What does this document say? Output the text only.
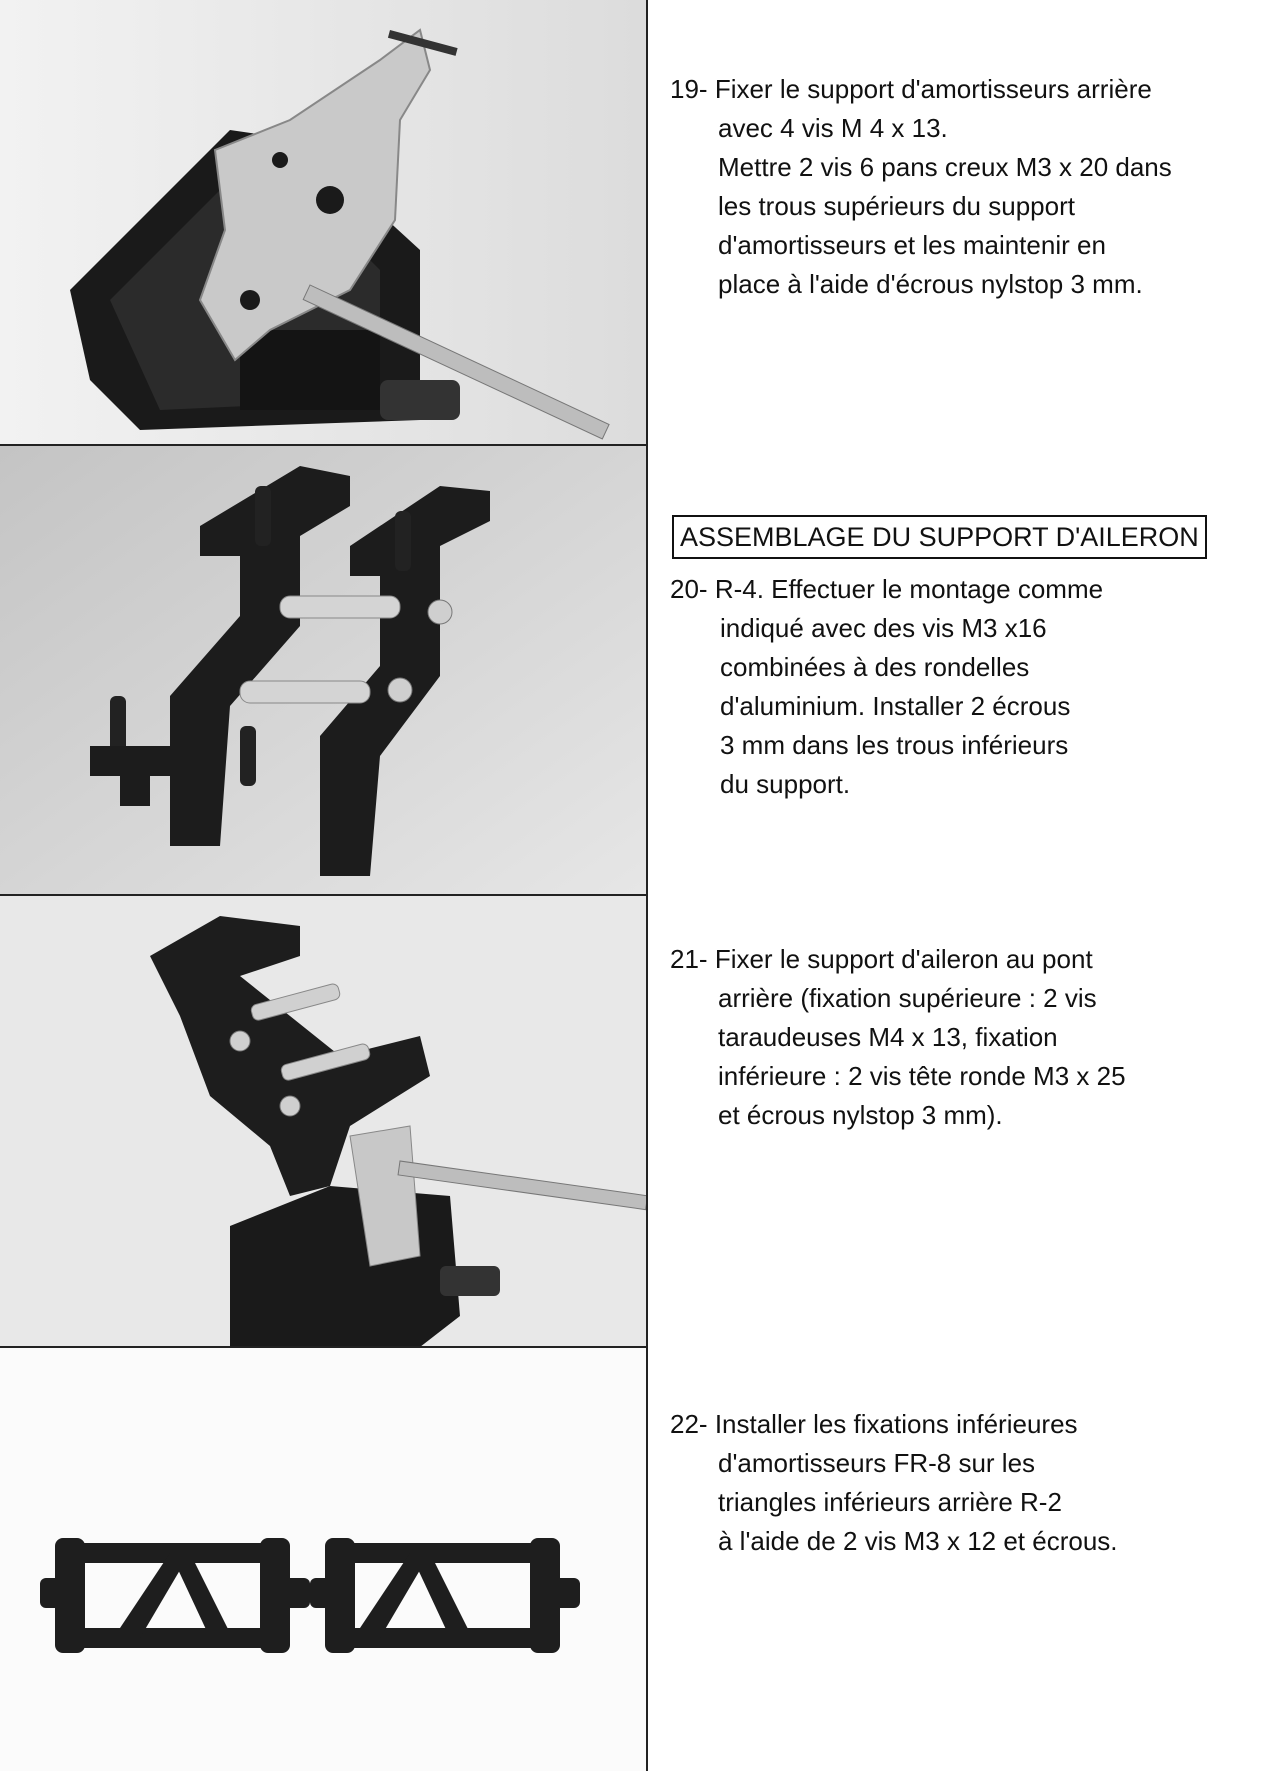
19- Fixer le support d'amortisseurs arrière
avec 4 vis M 4 x 13.
Mettre 2 vis 6 pans creux M3 x 20 dans
les trous supérieurs du support
d'amortisseurs et les maintenir en
place à l'aide d'écrous nylstop 3 mm.
ASSEMBLAGE DU SUPPORT D'AILERON
20- R-4. Effectuer le montage comme
indiqué avec des vis M3 x16
combinées à des rondelles
d'aluminium. Installer 2 écrous
3 mm dans les trous inférieurs
du support.
21- Fixer le support d'aileron au pont
arrière (fixation supérieure : 2 vis
taraudeuses M4 x 13, fixation
inférieure : 2 vis tête ronde M3 x 25
et écrous nylstop 3 mm).
22- Installer les fixations inférieures
d'amortisseurs FR-8 sur les
triangles inférieurs arrière R-2
à l'aide de 2 vis M3 x 12 et écrous.
